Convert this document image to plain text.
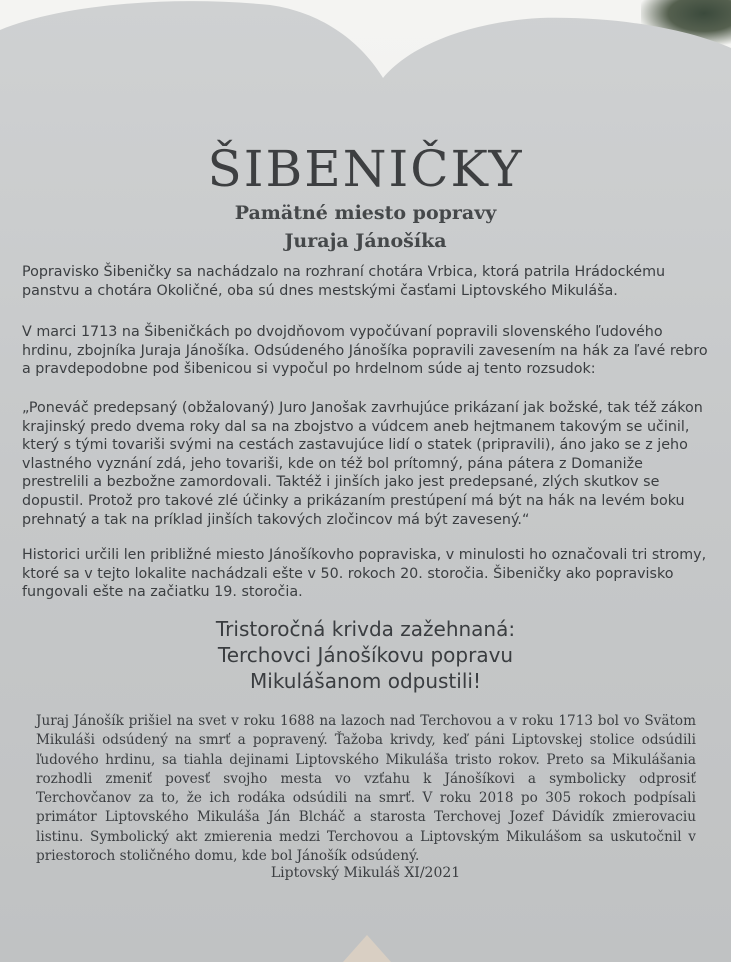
ŠIBENIČKY
Pamätné miesto popravy
Juraja Jánošíka
Popravisko Šibeničky sa nachádzalo na rozhraní chotára Vrbica, ktorá patrila Hrádockému panstvu a chotára Okoličné, oba sú dnes mestskými časťami Liptovského Mikuláša.
V marci 1713 na Šibeničkách po dvojdňovom vypočúvaní popravili slovenského ľudového hrdinu, zbojníka Juraja Jánošíka. Odsúdeného Jánošíka popravili zavesením na hák za ľavé rebro a pravdepodobne pod šibenicou si vypočul po hrdelnom súde aj tento rozsudok:
„Poneváč predepsaný (obžalovaný) Juro Janošak zavrhujúce prikázaní jak božské, tak též zákon krajinský predo dvema roky dal sa na zbojstvo a vúdcem aneb hejtmanem takovým se učinil, který s tými tovariši svými na cestách zastavujúce lidí o statek (pripravili), áno jako se z jeho vlastného vyznání zdá, jeho tovariši, kde on též bol prítomný, pána pátera z Domaniže prestrelili a bezbožne zamordovali. Taktéž i jinších jako jest predepsané, zlých skutkov se dopustil. Protož pro takové zlé účinky a prikázaním prestúpení má být na hák na levém boku prehnatý a tak na príklad jinších takových zločincov má být zavesený.“
Historici určili len približné miesto Jánošíkovho popraviska, v minulosti ho označovali tri stromy, ktoré sa v tejto lokalite nachádzali ešte v 50. rokoch 20. storočia. Šibeničky ako popravisko fungovali ešte na začiatku 19. storočia.
Tristoročná krivda zažehnaná:
Terchovci Jánošíkovu popravu
Mikulášanom odpustili!
Juraj Jánošík prišiel na svet v roku 1688 na lazoch nad Terchovou a v roku 1713 bol vo Svätom Mikuláši odsúdený na smrť a popravený. Ťažoba krivdy, keď páni Liptovskej stolice odsúdili ľudového hrdinu, sa tiahla dejinami Liptovského Mikuláša tristo rokov. Preto sa Mikulášania rozhodli zmeniť povesť svojho mesta vo vzťahu k Jánošíkovi a symbolicky odprosiť Terchovčanov za to, že ich rodáka odsúdili na smrť. V roku 2018 po 305 rokoch podpísali primátor Liptovského Mikuláša Ján Blcháč a starosta Terchovej Jozef Dávidík zmierovaciu listinu. Symbolický akt zmierenia medzi Terchovou a Liptovským Mikulášom sa uskutočnil v priestoroch stoličného domu, kde bol Jánošík odsúdený.
Liptovský Mikuláš XI/2021
